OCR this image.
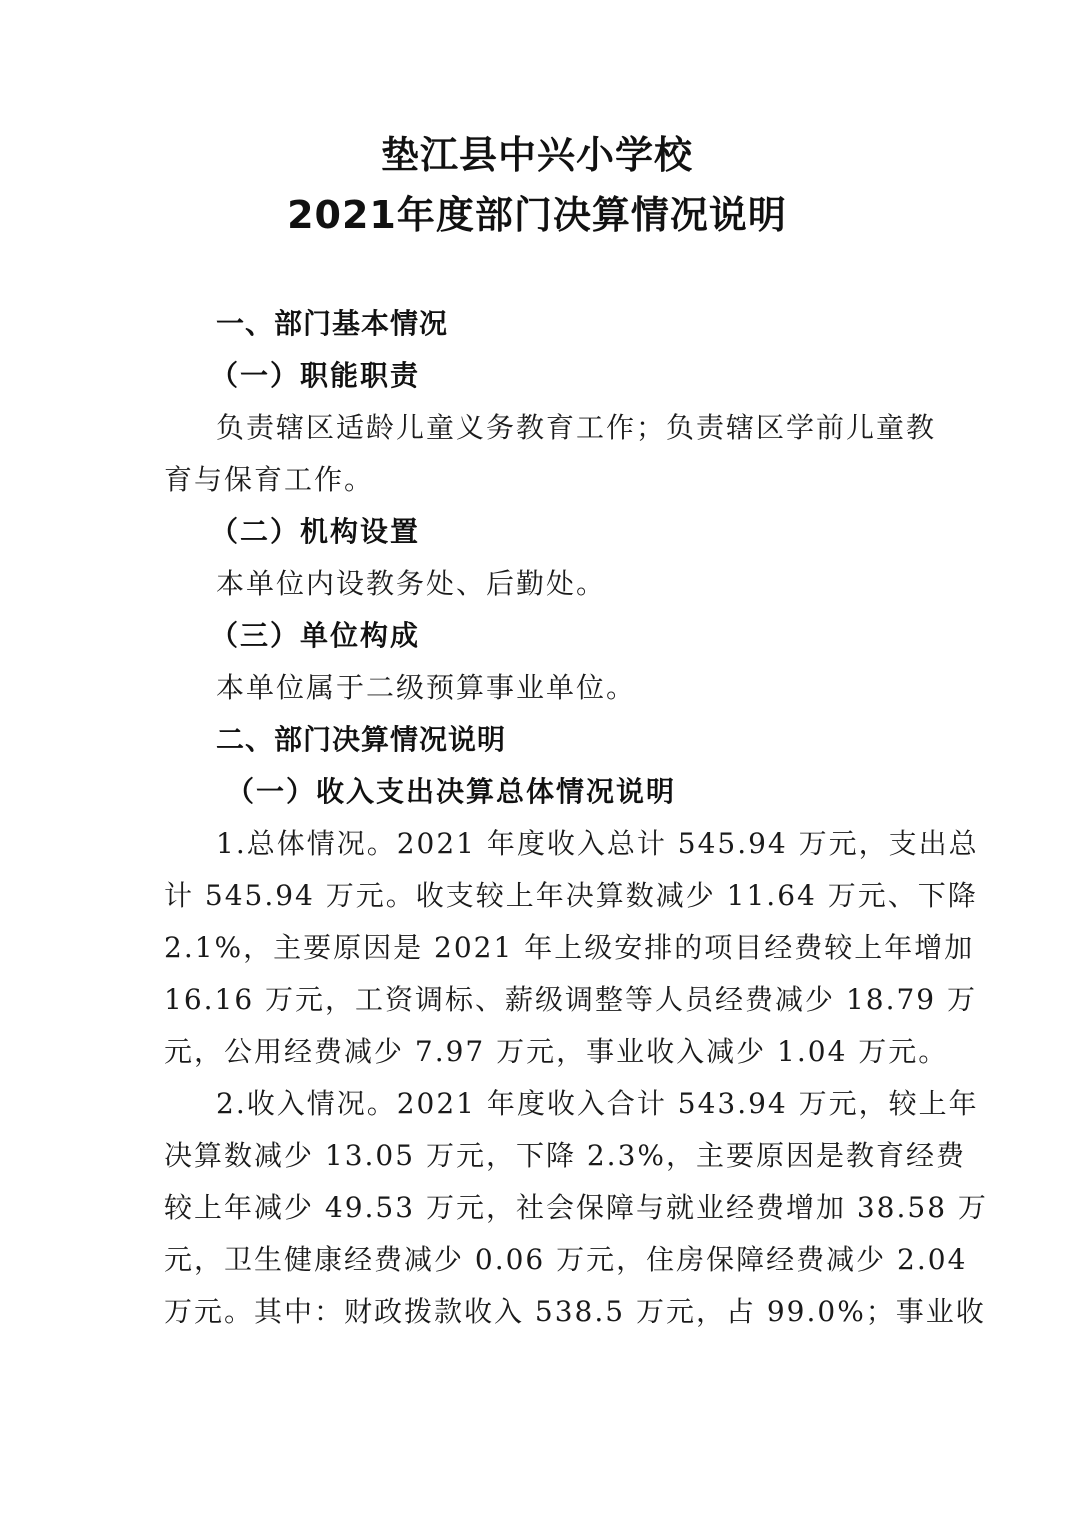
垫江县中兴小学校
2021年度部门决算情况说明
一、部门基本情况
（一）职能职责
负责辖区适龄儿童义务教育工作；负责辖区学前儿童教
育与保育工作。
（二）机构设置
本单位内设教务处、后勤处。
（三）单位构成
本单位属于二级预算事业单位。
二、部门决算情况说明
（一）收入支出决算总体情况说明
1.总体情况。2021 年度收入总计 545.94 万元，支出总
计 545.94 万元。收支较上年决算数减少 11.64 万元、下降
2.1%，主要原因是 2021 年上级安排的项目经费较上年增加
16.16 万元，工资调标、薪级调整等人员经费减少 18.79 万
元，公用经费减少 7.97 万元，事业收入减少 1.04 万元。
2.收入情况。2021 年度收入合计 543.94 万元，较上年
决算数减少 13.05 万元，下降 2.3%，主要原因是教育经费
较上年减少 49.53 万元，社会保障与就业经费增加 38.58 万
元，卫生健康经费减少 0.06 万元，住房保障经费减少 2.04
万元。其中：财政拨款收入 538.5 万元，占 99.0%；事业收
